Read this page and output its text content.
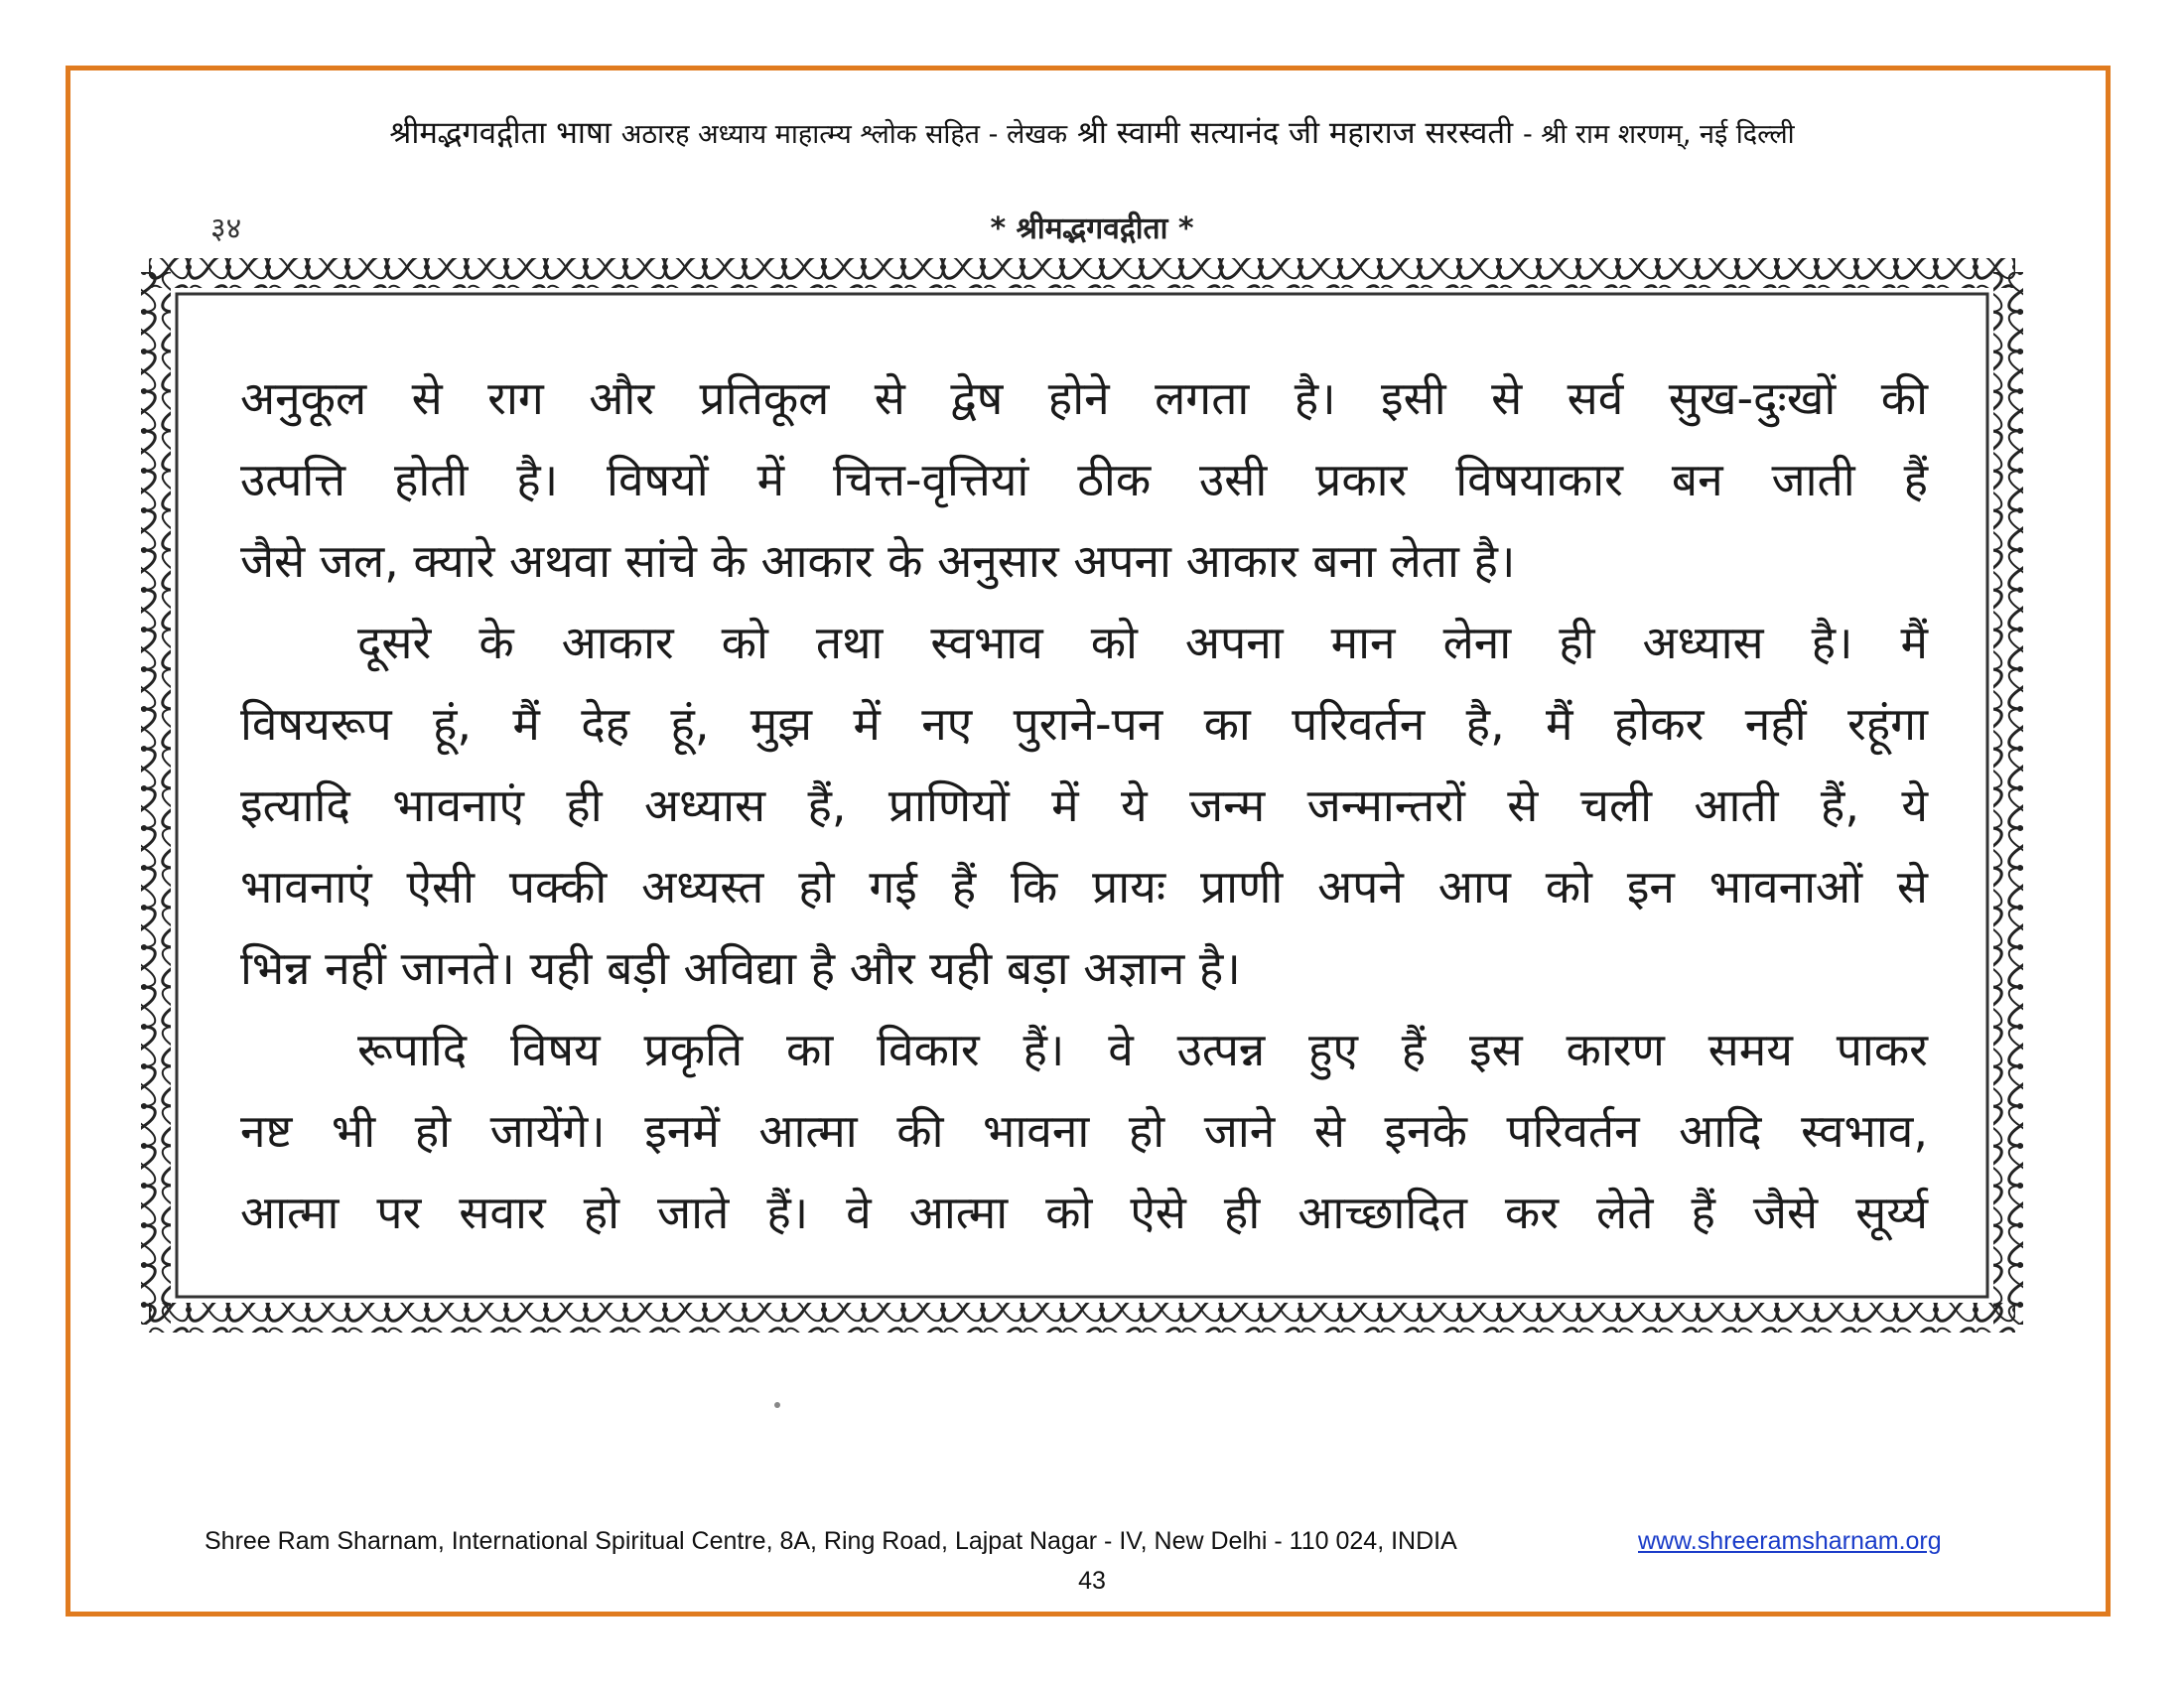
श्रीमद्भगवद्गीता भाषा अठारह अध्याय माहात्म्य श्लोक सहित - लेखक श्री स्वामी सत्यानंद जी महाराज सरस्वती - श्री राम शरणम्, नई दिल्ली
३४	* श्रीमद्भगवद्गीता *
अनुकूल से राग और प्रतिकूल से द्वेष होने लगता है। इसी से सर्व सुख-दुःखों की
उत्पत्ति होती है। विषयों में चित्त-वृत्तियां ठीक उसी प्रकार विषयाकार बन जाती हैं
जैसे जल, क्यारे अथवा सांचे के आकार के अनुसार अपना आकार बना लेता है।
दूसरे के आकार को तथा स्वभाव को अपना मान लेना ही अध्यास है। मैं
विषयरूप हूं, मैं देह हूं, मुझ में नए पुराने-पन का परिवर्तन है, मैं होकर नहीं रहूंगा
इत्यादि भावनाएं ही अध्यास हैं, प्राणियों में ये जन्म जन्मान्तरों से चली आती हैं, ये
भावनाएं ऐसी पक्की अध्यस्त हो गई हैं कि प्रायः प्राणी अपने आप को इन भावनाओं से
भिन्न नहीं जानते। यही बड़ी अविद्या है और यही बड़ा अज्ञान है।
रूपादि विषय प्रकृति का विकार हैं। वे उत्पन्न हुए हैं इस कारण समय पाकर
नष्ट भी हो जायेंगे। इनमें आत्मा की भावना हो जाने से इनके परिवर्तन आदि स्वभाव,
आत्मा पर सवार हो जाते हैं। वे आत्मा को ऐसे ही आच्छादित कर लेते हैं जैसे सूर्य्य
Shree Ram Sharnam, International Spiritual Centre, 8A, Ring Road, Lajpat Nagar - IV, New Delhi - 110 024, INDIA	www.shreeramsharnam.org
43
